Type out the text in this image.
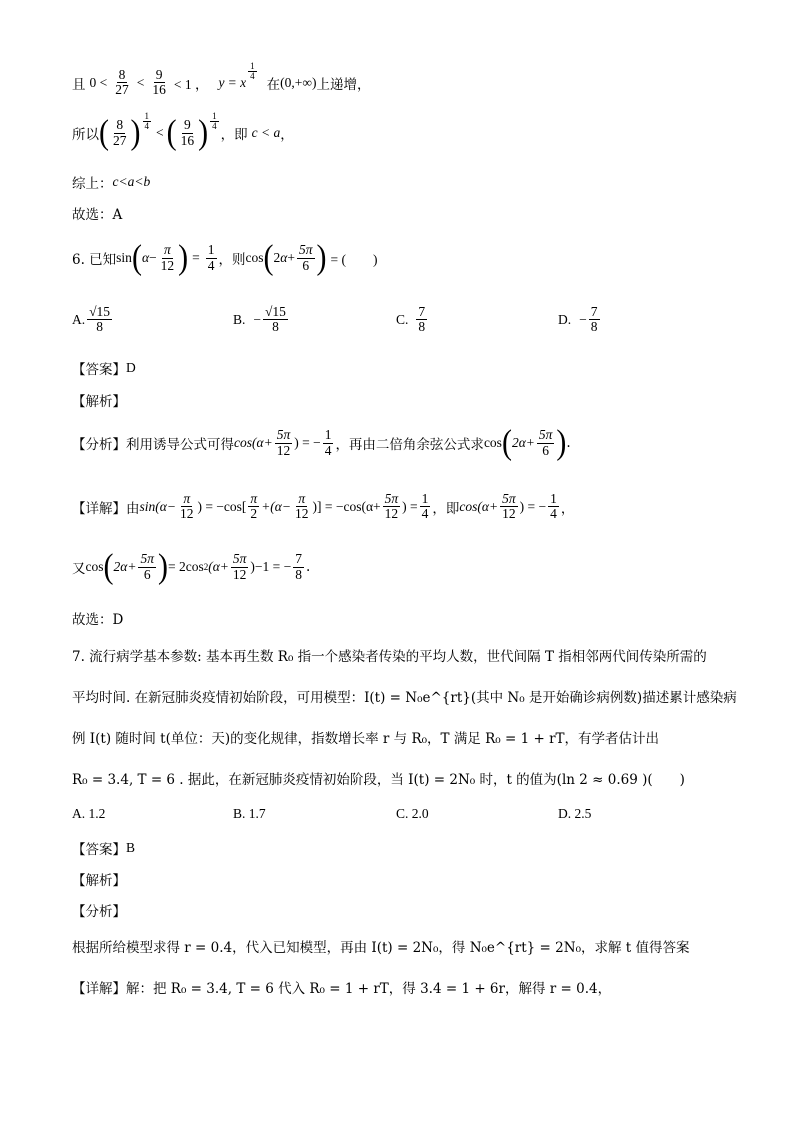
且 $0 < \frac{8}{27} < \frac{9}{16} < 1$ ， y = x
$\frac{1}{4}$
在 (0,+∞) 上递增，
所以 ( $\frac{8}{27}$ ) $\frac{1}{4}$
< ( $\frac{9}{16}$ ) $\frac{1}{4}$
，即 c < a ，
综上： c<a<b
故选：A
6. 已知 sin ( $\alpha - \frac{\pi}{12}$ ) = $\frac{1}{4}$ ，则 cos ( 2 $\alpha + \frac{5\pi}{6}$ ) = (　　)
A. $\frac{√15}{8}$	B. − $\frac{√15}{8}$	C. $\frac{7}{8}$	D. − $\frac{7}{8}$
【答案】 D
【解析】
【分析】 利用诱导公式可得 $\cos(\alpha+ \frac{5\pi}{12}$ ) = − $\frac{1}{4}$ ，再由二倍角余弦公式求 cos ( $2\alpha+ \frac{5\pi}{6}$ ) .
【详解】 由 $\sin(\alpha- \frac{\pi}{12}$ ) = $-\cos[ \frac{\pi}{2} +(\alpha- \frac{\pi}{12}$ )] = $-\cos(\alpha+ \frac{5\pi}{12}$ ) = $\frac{1}{4}$ ，即 $\cos(\alpha+ \frac{5\pi}{12}$ ) = − $\frac{1}{4}$ ，
又 cos ( $2\alpha+ \frac{5\pi}{6}$ ) = 2cos 2 $(\alpha+ \frac{5\pi}{12} )-1$ = − $\frac{7}{8}$ .
故选：D
7. 流行病学基本参数: 基本再生数 R₀ 指一个感染者传染的平均人数，世代间隔 T 指相邻两代间传染所需的
平均时间. 在新冠肺炎疫情初始阶段，可用模型：I(t) = N₀e^{rt}(其中 N₀ 是开始确诊病例数)描述累计感染病
例 I(t) 随时间 t(单位：天)的变化规律，指数增长率 r 与 R₀，T 满足 R₀ = 1 + rT，有学者估计出
R₀ = 3.4, T = 6 . 据此，在新冠肺炎疫情初始阶段，当 I(t) = 2N₀ 时，t 的值为(ln 2 ≈ 0.69 )(　　)
A.
1.2	B.
1.7	C.
2.0	D.
2.5
【答案】 B
【解析】
【分析】
根据所给模型求得 r = 0.4，代入已知模型，再由 I(t) = 2N₀，得 N₀e^{rt} = 2N₀，求解 t 值得答案
【详解】 解：把 R₀ = 3.4, T = 6 代入 R₀ = 1 + rT，得 3.4 = 1 + 6r，解得 r = 0.4，
